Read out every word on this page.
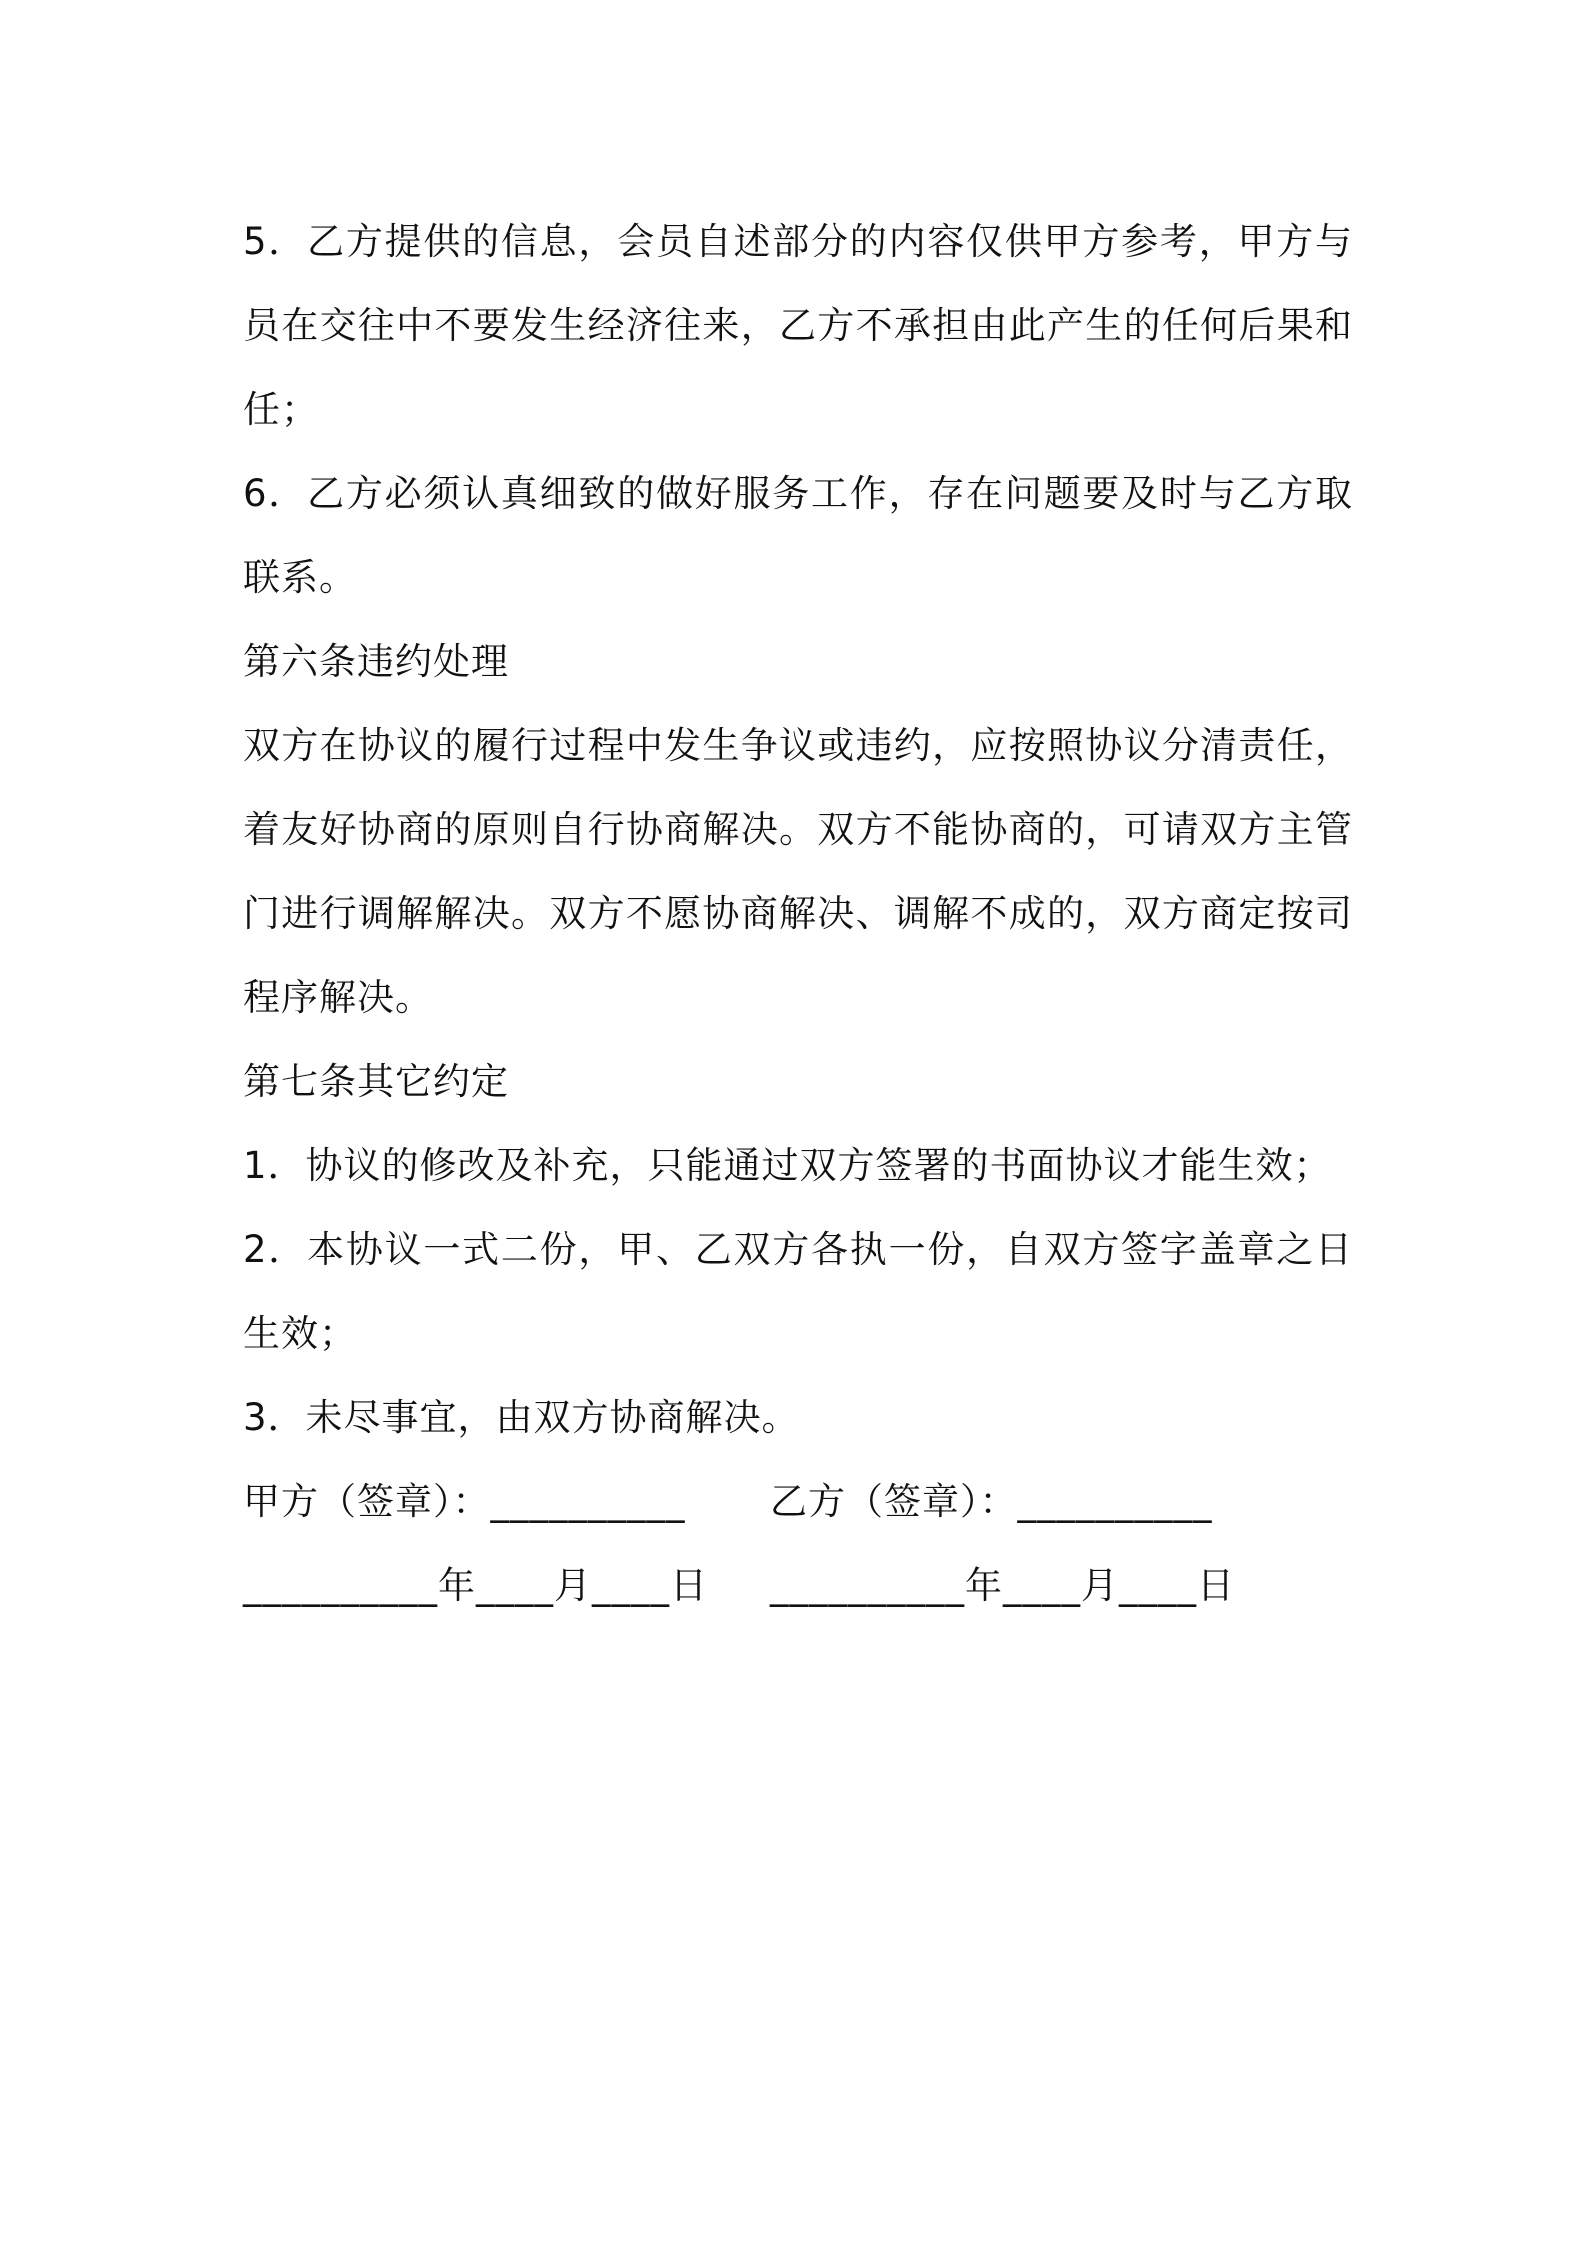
5．乙方提供的信息，会员自述部分的内容仅供甲方参考，甲方与
员在交往中不要发生经济往来，乙方不承担由此产生的任何后果和
任；
6．乙方必须认真细致的做好服务工作，存在问题要及时与乙方取
联系。
第六条违约处理
双方在协议的履行过程中发生争议或违约，应按照协议分清责任，
着友好协商的原则自行协商解决。双方不能协商的，可请双方主管
门进行调解解决。双方不愿协商解决、调解不成的，双方商定按司
程序解决。
第七条其它约定
1．协议的修改及补充，只能通过双方签署的书面协议才能生效；
2．本协议一式二份，甲、乙双方各执一份，自双方签字盖章之日
生效；
3．未尽事宜，由双方协商解决。
甲方（签章）：__________	乙方（签章）：__________
__________年____月____日	__________年____月____日
